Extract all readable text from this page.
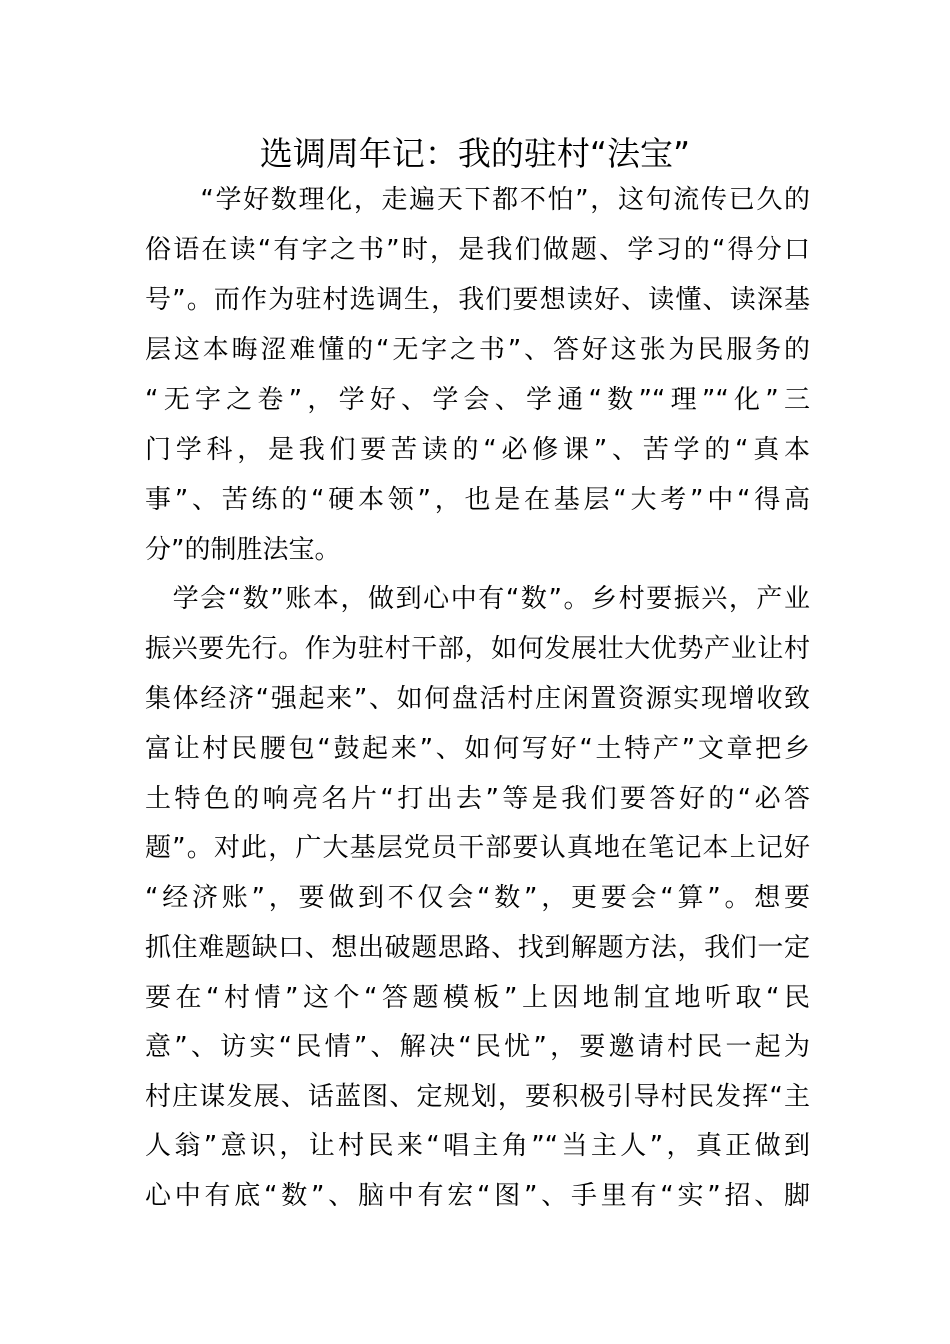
选调周年记：我的驻村“法宝”
　　“学好数理化，走遍天下都不怕”，这句流传已久的
俗语在读“有字之书”时，是我们做题、学习的“得分口
号”。而作为驻村选调生，我们要想读好、读懂、读深基
层这本晦涩难懂的“无字之书”、答好这张为民服务的
“无字之卷”，学好、学会、学通“数”“理”“化”三
门学科，是我们要苦读的“必修课”、苦学的“真本
事”、苦练的“硬本领”，也是在基层“大考”中“得高
分”的制胜法宝。
　学会“数”账本，做到心中有“数”。乡村要振兴，产业
振兴要先行。作为驻村干部，如何发展壮大优势产业让村
集体经济“强起来”、如何盘活村庄闲置资源实现增收致
富让村民腰包“鼓起来”、如何写好“土特产”文章把乡
土特色的响亮名片“打出去”等是我们要答好的“必答
题”。对此，广大基层党员干部要认真地在笔记本上记好
“经济账”，要做到不仅会“数”，更要会“算”。想要
抓住难题缺口、想出破题思路、找到解题方法，我们一定
要在“村情”这个“答题模板”上因地制宜地听取“民
意”、访实“民情”、解决“民忧”，要邀请村民一起为
村庄谋发展、话蓝图、定规划，要积极引导村民发挥“主
人翁”意识，让村民来“唱主角”“当主人”，真正做到
心中有底“数”、脑中有宏“图”、手里有“实”招、脚
